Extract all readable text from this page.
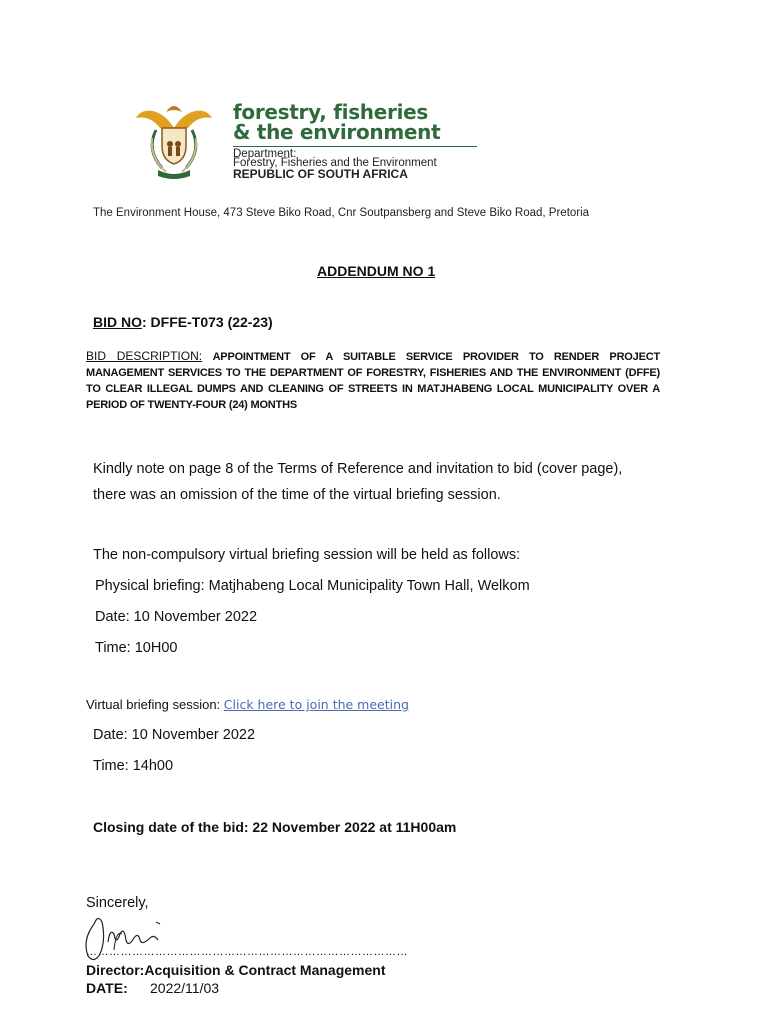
forestry, fisheries
& the environment
Department:
Forestry, Fisheries and the Environment
REPUBLIC OF SOUTH AFRICA
The Environment House, 473 Steve Biko Road, Cnr Soutpansberg and Steve Biko Road, Pretoria
ADDENDUM NO 1
BID NO: DFFE-T073 (22-23)
BID DESCRIPTION: APPOINTMENT OF A SUITABLE SERVICE PROVIDER TO RENDER PROJECT MANAGEMENT SERVICES TO THE DEPARTMENT OF FORESTRY, FISHERIES AND THE ENVIRONMENT (DFFE) TO CLEAR ILLEGAL DUMPS AND CLEANING OF STREETS IN MATJHABENG LOCAL MUNICIPALITY OVER A PERIOD OF TWENTY-FOUR (24) MONTHS
Kindly note on page 8 of the Terms of Reference and invitation to bid (cover page),
there was an omission of the time of the virtual briefing session.
The non-compulsory virtual briefing session will be held as follows:
Physical briefing: Matjhabeng Local Municipality Town Hall, Welkom
Date: 10 November 2022
Time: 10H00
Virtual briefing session: Click here to join the meeting
Date: 10 November 2022
Time: 14h00
Closing date of the bid: 22 November 2022 at 11H00am
Sincerely,
…………………………………………………………………………
Director:Acquisition & Contract Management
DATE: 2022/11/03
